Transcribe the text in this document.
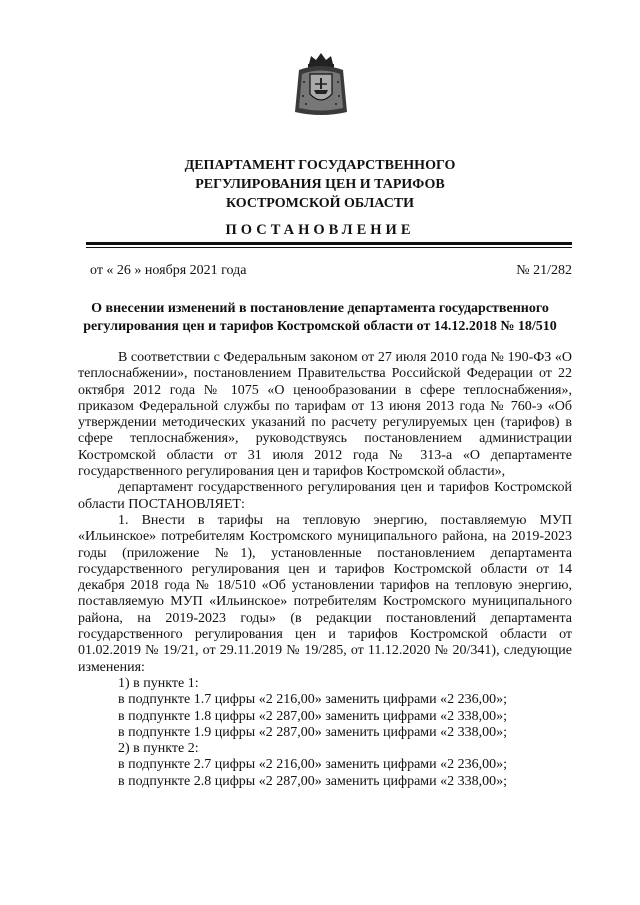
ДЕПАРТАМЕНТ ГОСУДАРСТВЕННОГО
РЕГУЛИРОВАНИЯ ЦЕН И ТАРИФОВ
КОСТРОМСКОЙ ОБЛАСТИ
ПОСТАНОВЛЕНИЕ
от « 26 » ноября 2021 года	№ 21/282
О внесении изменений в постановление департамента государственного
регулирования цен и тарифов Костромской области от 14.12.2018 № 18/510

В соответствии с Федеральным законом от 27 июля 2010 года № 190-ФЗ «О теплоснабжении», постановлением Правительства Российской Федерации от 22 октября 2012 года № 1075 «О ценообразовании в сфере теплоснабжения», приказом Федеральной службы по тарифам от 13 июня 2013 года № 760-э «Об утверждении методических указаний по расчету регулируемых цен (тарифов) в сфере теплоснабжения», руководствуясь постановлением администрации Костромской области от 31 июля 2012 года № 313-а «О департаменте государственного регулирования цен и тарифов Костромской области»,

департамент государственного регулирования цен и тарифов Костромской области ПОСТАНОВЛЯЕТ:

1. Внести в тарифы на тепловую энергию, поставляемую МУП «Ильинское» потребителям Костромского муниципального района, на 2019-2023 годы (приложение №1), установленные постановлением департамента государственного регулирования цен и тарифов Костромской области от 14 декабря 2018 года № 18/510 «Об установлении тарифов на тепловую энергию, поставляемую МУП «Ильинское» потребителям Костромского муниципального района, на 2019-2023 годы» (в редакции постановлений департамента государственного регулирования цен и тарифов Костромской области от 01.02.2019 № 19/21, от 29.11.2019 № 19/285, от 11.12.2020 № 20/341), следующие изменения:

1) в пункте 1:

в подпункте 1.7 цифры «2 216,00» заменить цифрами «2 236,00»;

в подпункте 1.8 цифры «2 287,00» заменить цифрами «2 338,00»;

в подпункте 1.9 цифры «2 287,00» заменить цифрами «2 338,00»;

2) в пункте 2:

в подпункте 2.7 цифры «2 216,00» заменить цифрами «2 236,00»;

в подпункте 2.8 цифры «2 287,00» заменить цифрами «2 338,00»;
